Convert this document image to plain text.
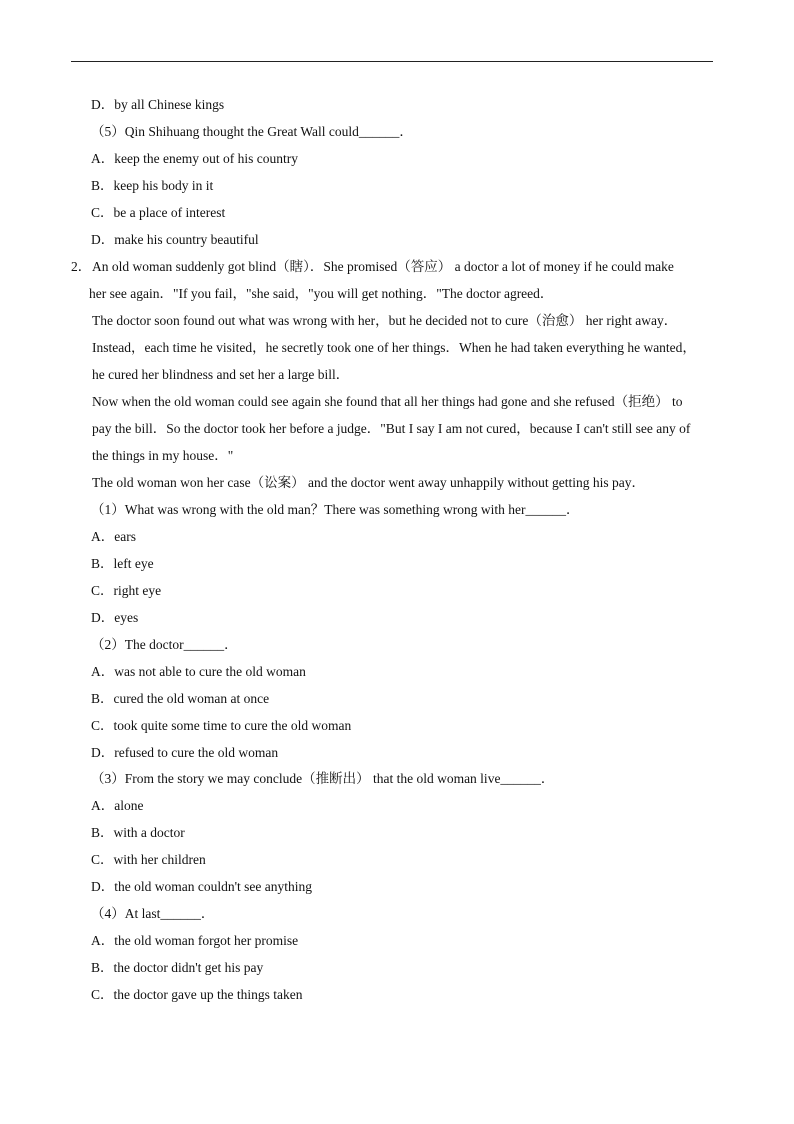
D．by all Chinese kings
（5）Qin Shihuang thought the Great Wall could______．
A．keep the enemy out of his country
B．keep his body in it
C．be a place of interest
D．make his country beautiful
2． An old woman suddenly got blind（瞎）．She promised（答应） a doctor a lot of money if he could make
her see again．"If you fail，"she said，"you will get nothing．"The doctor agreed．
The doctor soon found out what was wrong with her，but he decided not to cure（治愈） her right away．
Instead，each time he visited，he secretly took one of her things．When he had taken everything he wanted，
he cured her blindness and set her a large bill．
Now when the old woman could see again she found that all her things had gone and she refused（拒绝） to
pay the bill．So the doctor took her before a judge．"But I say I am not cured，because I can't still see any of
the things in my house．"
The old woman won her case（讼案） and the doctor went away unhappily without getting his pay．
（1）What was wrong with the old man？There was something wrong with her______．
A．ears
B．left eye
C．right eye
D．eyes
（2）The doctor______．
A．was not able to cure the old woman
B．cured the old woman at once
C．took quite some time to cure the old woman
D．refused to cure the old woman
（3）From the story we may conclude（推断出） that the old woman live______．
A．alone
B．with a doctor
C．with her children
D．the old woman couldn't see anything
（4）At last______．
A．the old woman forgot her promise
B．the doctor didn't get his pay
C．the doctor gave up the things taken
